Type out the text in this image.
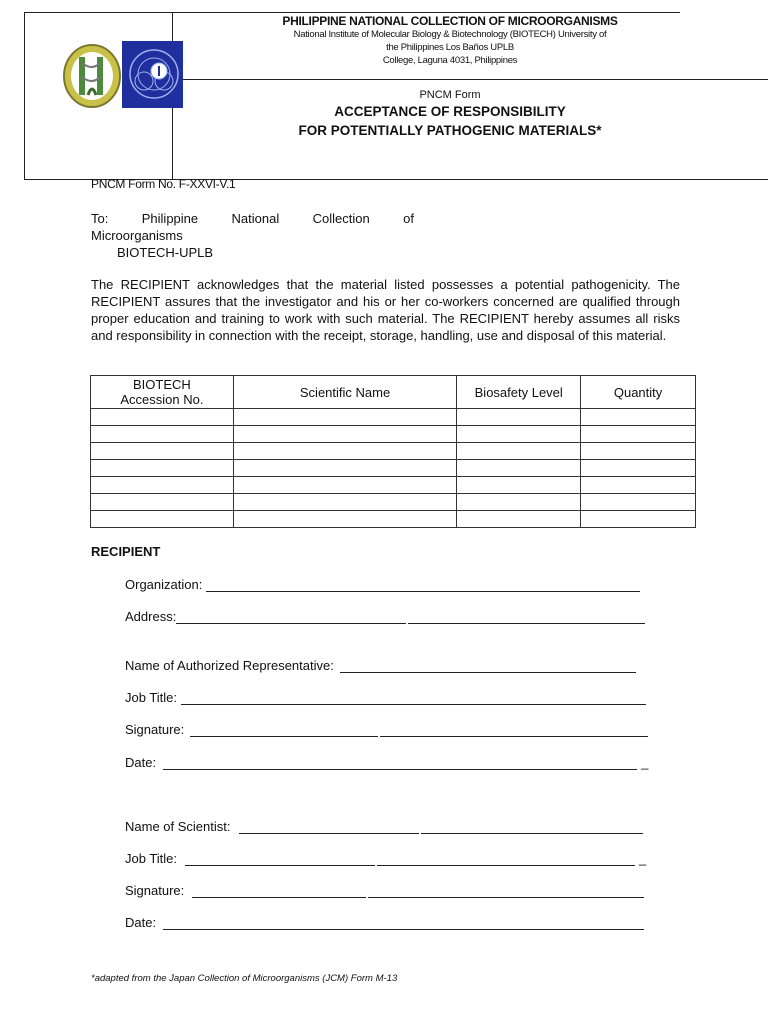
PHILIPPINE NATIONAL COLLECTION OF MICROORGANISMS
National Institute of Molecular Biology & Biotechnology (BIOTECH) University of
the Philippines Los Baños UPLB
College, Laguna 4031, Philippines
PNCM Form
ACCEPTANCE OF RESPONSIBILITY
FOR POTENTIALLY PATHOGENIC MATERIALS*
PNCM Form No. F-XXVI-V.1
To:	Philippine	National	Collection	of
Microorganisms
BIOTECH-UPLB
The RECIPIENT acknowledges that the material listed possesses a potential pathogenicity. The RECIPIENT assures that the investigator and his or her co-workers concerned are qualified through proper education and training to work with such material. The RECIPIENT hereby assumes all risks and responsibility in connection with the receipt, storage, handling, use and disposal of this material.
BIOTECH
Accession No.	Scientific Name	Biosafety Level	Quantity

RECIPIENT
Organization:
Address:
Name of Authorized Representative:
Job Title:
Signature:
Date:	_
Name of Scientist:
Job Title:	_
Signature:
Date:
*adapted from the Japan Collection of Microorganisms (JCM) Form M-13
